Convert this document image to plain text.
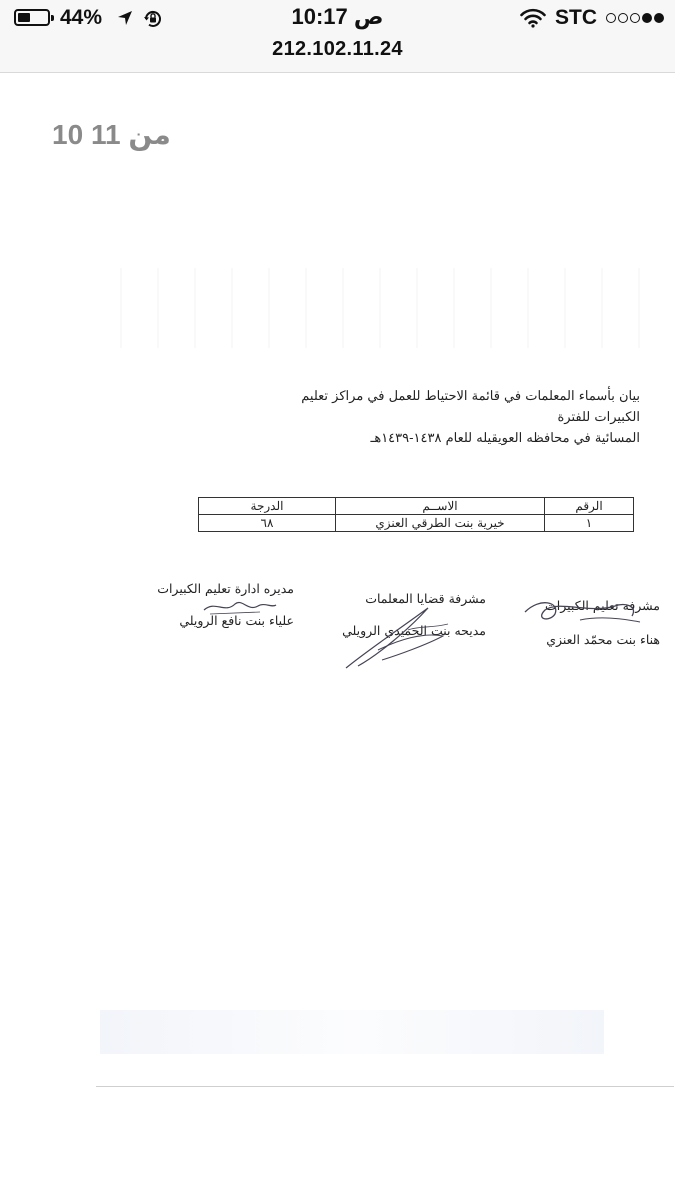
44%	10:17 ص
212.102.11.24
STC
10 من 11
بيان بأسماء المعلمات في قائمة الاحتياط للعمل في مراكز تعليم الكبيرات للفترة
المسائية في محافظه العويقيله للعام ١٤٣٨-١٤٣٩هـ
الرقم	الاســم	الدرجة
١	خيرية بنت الطرقي العنزي	٦٨
مشرفه تعليم الكبيرات
هناء بنت محمّد العنزي
مشرفة قضايا المعلمات
مديحه بنت الحميدي الرويلي
مديره ادارة تعليم الكبيرات
علياء بنت نافع الرويلي
